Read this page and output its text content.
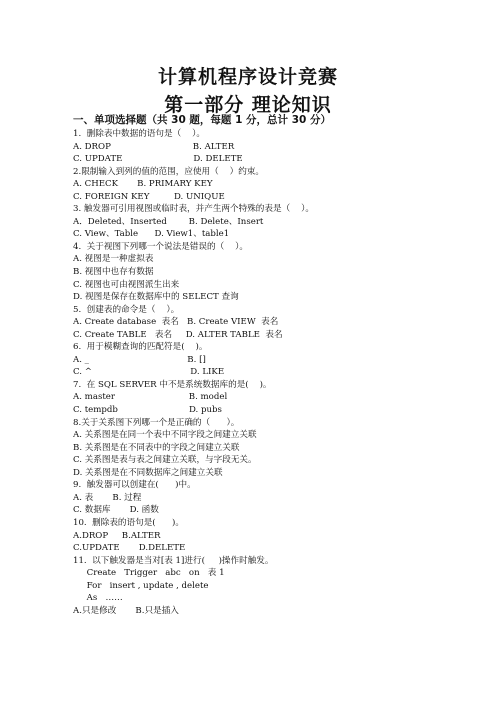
计算机程序设计竞赛
第一部分 理论知识
一、单项选择题（共 30 题，每题 1 分，总计 30 分）
1.  删除表中数据的语句是（    ）。
A. DROP                              B. ALTER
C. UPDATE                          D. DELETE
2.限制输入到列的值的范围，应使用（    ）约束。
A. CHECK       B. PRIMARY KEY
C. FOREIGN KEY         D. UNIQUE
3. 触发器可引用视图或临时表，并产生两个特殊的表是（    ）。
A．Deleted、Inserted        B. Delete、Insert
C. View、Table      D. View1、table1
4.  关于视图下列哪一个说法是错误的（    ）。
A. 视图是一种虚拟表
B. 视图中也存有数据
C. 视图也可由视图派生出来
D. 视图是保存在数据库中的 SELECT 查询
5.  创建表的命令是（    ）。
A. Create database  表名   B. Create VIEW  表名
C. Create TABLE   表名     D. ALTER TABLE  表名
6.  用于模糊查询的匹配符是(    )。
A. _                                    B. []
C. ^                                    D. LIKE
7.  在 SQL SERVER 中不是系统数据库的是(    )。
A. master                           B. model
C. tempdb                          D. pubs
8.关于关系图下列哪一个是正确的（      ）。
A. 关系图是在同一个表中不同字段之间建立关联
B. 关系图是在不同表中的字段之间建立关联
C. 关系图是表与表之间建立关联，与字段无关。
D. 关系图是在不同数据库之间建立关联
9.  触发器可以创建在(      )中。
A. 表       B. 过程
C. 数据库       D. 函数
10.  删除表的语句是(      )。
A.DROP     B.ALTER
C.UPDATE       D.DELETE
11.  以下触发器是当对[表 1]进行(     )操作时触发。
Create   Trigger   abc   on   表 1
For   insert , update , delete
As   ……
A.只是修改       B.只是插入
